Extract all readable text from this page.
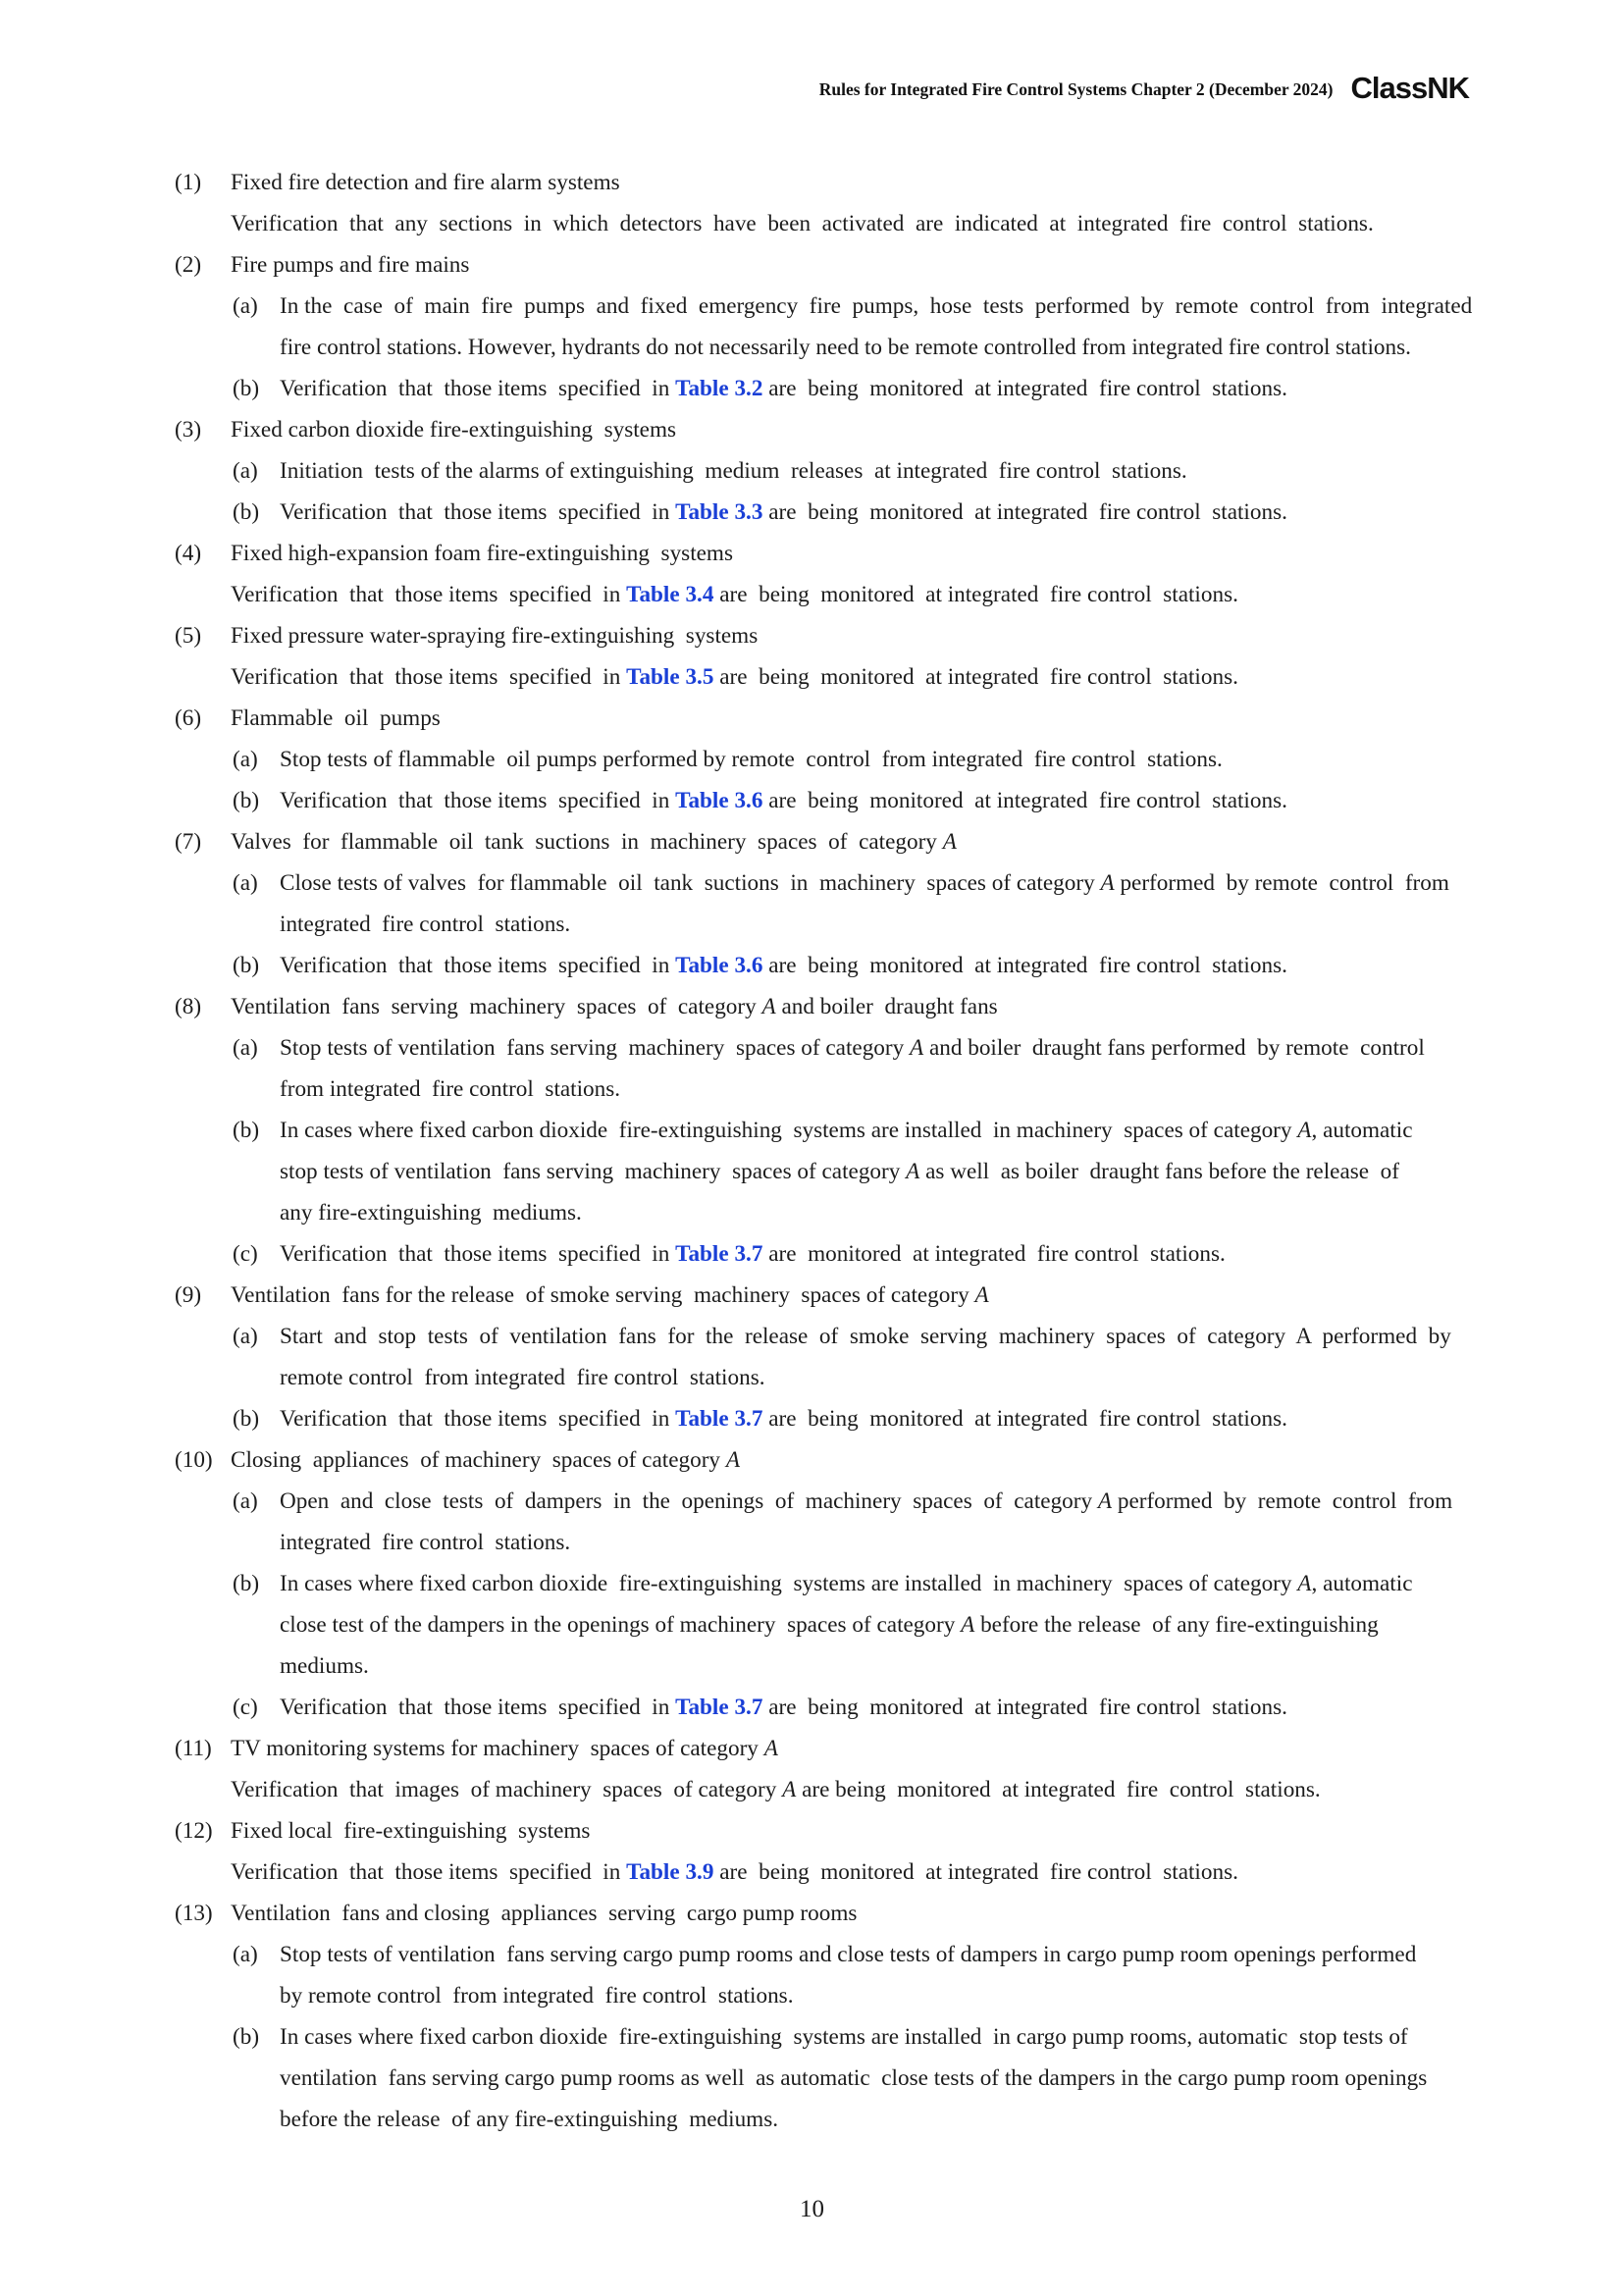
Rules for Integrated Fire Control Systems Chapter 2 (December 2024) ClassNK
(1) Fixed fire detection and fire alarm systems
Verification  that  any  sections  in  which  detectors  have  been  activated  are  indicated  at  integrated  fire  control  stations.
(2) Fire pumps and fire mains
(a) In the  case  of  main  fire  pumps  and  fixed  emergency  fire  pumps,  hose  tests  performed  by  remote  control  from  integrated
fire control stations. However, hydrants do not necessarily need to be remote controlled from integrated fire control stations.
(b) Verification  that  those items  specified  in Table 3.2 are  being  monitored  at integrated  fire control  stations.
(3) Fixed carbon dioxide fire-extinguishing  systems
(a) Initiation  tests of the alarms of extinguishing  medium  releases  at integrated  fire control  stations.
(b) Verification  that  those items  specified  in Table 3.3 are  being  monitored  at integrated  fire control  stations.
(4) Fixed high-expansion foam fire-extinguishing  systems
Verification  that  those items  specified  in Table 3.4 are  being  monitored  at integrated  fire control  stations.
(5) Fixed pressure water-spraying fire-extinguishing  systems
Verification  that  those items  specified  in Table 3.5 are  being  monitored  at integrated  fire control  stations.
(6) Flammable  oil  pumps
(a) Stop tests of flammable  oil pumps performed by remote  control  from integrated  fire control  stations.
(b) Verification  that  those items  specified  in Table 3.6 are  being  monitored  at integrated  fire control  stations.
(7) Valves  for  flammable  oil  tank  suctions  in  machinery  spaces  of  category A
(a) Close tests of valves  for flammable  oil  tank  suctions  in  machinery  spaces of category A performed  by remote  control  from
integrated  fire control  stations.
(b) Verification  that  those items  specified  in Table 3.6 are  being  monitored  at integrated  fire control  stations.
(8) Ventilation  fans  serving  machinery  spaces  of  category A and boiler  draught fans
(a) Stop tests of ventilation  fans serving  machinery  spaces of category A and boiler  draught fans performed  by remote  control
from integrated  fire control  stations.
(b) In cases where fixed carbon dioxide  fire-extinguishing  systems are installed  in machinery  spaces of category A, automatic
stop tests of ventilation  fans serving  machinery  spaces of category A as well  as boiler  draught fans before the release  of
any fire-extinguishing  mediums.
(c) Verification  that  those items  specified  in Table 3.7 are  monitored  at integrated  fire control  stations.
(9) Ventilation  fans for the release  of smoke serving  machinery  spaces of category A
(a) Start  and  stop  tests  of  ventilation  fans  for  the  release  of  smoke  serving  machinery  spaces  of  category  A  performed  by
remote control  from integrated  fire control  stations.
(b) Verification  that  those items  specified  in Table 3.7 are  being  monitored  at integrated  fire control  stations.
(10) Closing  appliances  of machinery  spaces of category A
(a) Open  and  close  tests  of  dampers  in  the  openings  of  machinery  spaces  of  category A performed  by  remote  control  from
integrated  fire control  stations.
(b) In cases where fixed carbon dioxide  fire-extinguishing  systems are installed  in machinery  spaces of category A, automatic
close test of the dampers in the openings of machinery  spaces of category A before the release  of any fire-extinguishing
mediums.
(c) Verification  that  those items  specified  in Table 3.7 are  being  monitored  at integrated  fire control  stations.
(11) TV monitoring systems for machinery  spaces of category A
Verification  that  images  of machinery  spaces  of category A are being  monitored  at integrated  fire  control  stations.
(12) Fixed local  fire-extinguishing  systems
Verification  that  those items  specified  in Table 3.9 are  being  monitored  at integrated  fire control  stations.
(13) Ventilation  fans and closing  appliances  serving  cargo pump rooms
(a) Stop tests of ventilation  fans serving cargo pump rooms and close tests of dampers in cargo pump room openings performed
by remote control  from integrated  fire control  stations.
(b) In cases where fixed carbon dioxide  fire-extinguishing  systems are installed  in cargo pump rooms, automatic  stop tests of
ventilation  fans serving cargo pump rooms as well  as automatic  close tests of the dampers in the cargo pump room openings
before the release  of any fire-extinguishing  mediums.
10
